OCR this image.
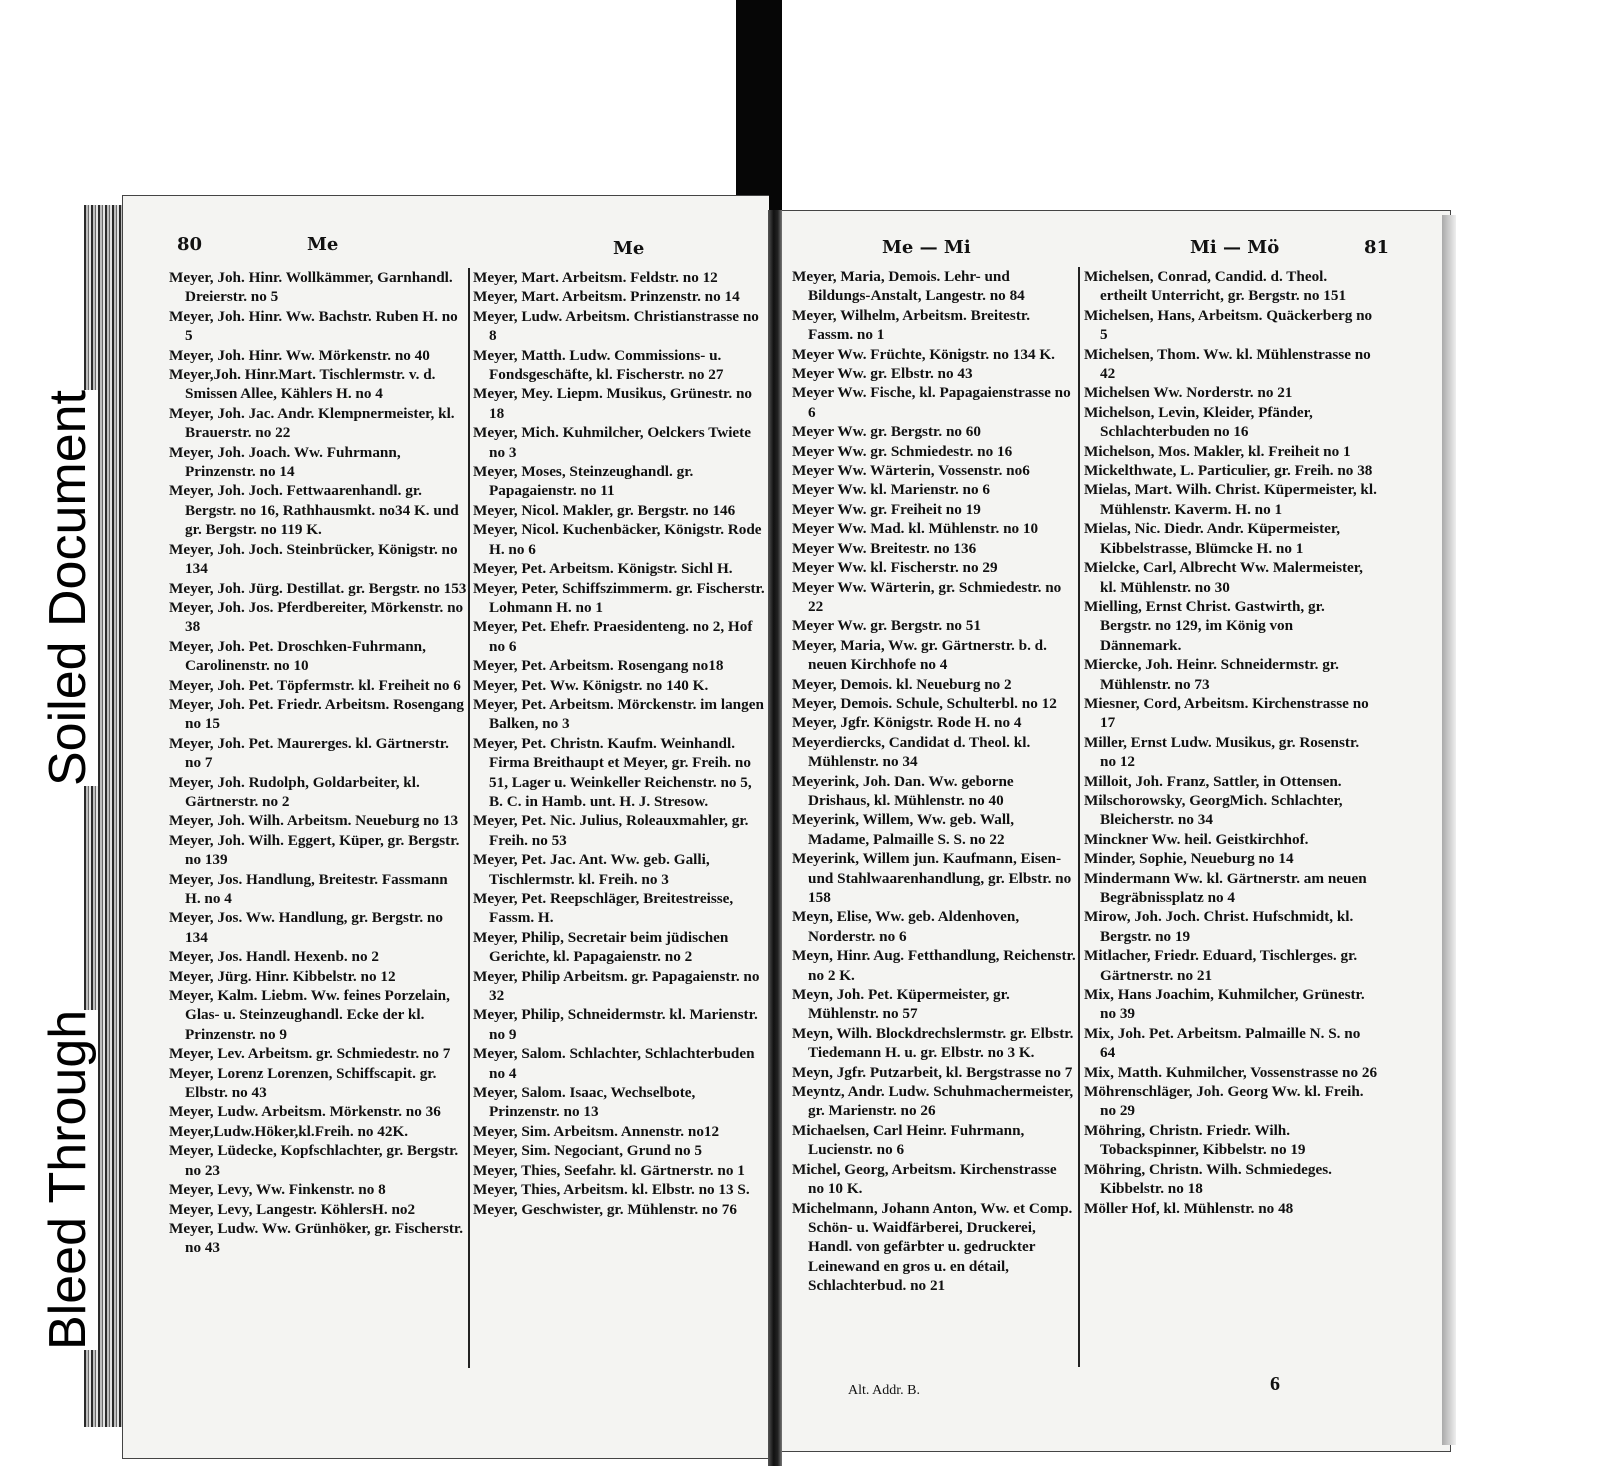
80	Me	Me

Meyer, Joh. Hinr. Wollkämmer, Garnhandl. Dreierstr. no 5

Meyer, Joh. Hinr. Ww. Bachstr. Ruben H. no 5

Meyer, Joh. Hinr. Ww. Mörkenstr. no 40

Meyer,Joh. Hinr.Mart. Tischlermstr. v. d. Smissen Allee, Kählers H. no 4

Meyer, Joh. Jac. Andr. Klempnermeister, kl. Brauerstr. no 22

Meyer, Joh. Joach. Ww. Fuhrmann, Prinzenstr. no 14

Meyer, Joh. Joch. Fettwaarenhandl. gr. Bergstr. no 16, Rathhausmkt. no34 K. und gr. Bergstr. no 119 K.

Meyer, Joh. Joch. Steinbrücker, Königstr. no 134

Meyer, Joh. Jürg. Destillat. gr. Bergstr. no 153

Meyer, Joh. Jos. Pferdbereiter, Mörkenstr. no 38

Meyer, Joh. Pet. Droschken-Fuhrmann, Carolinenstr. no 10

Meyer, Joh. Pet. Töpfermstr. kl. Freiheit no 6

Meyer, Joh. Pet. Friedr. Arbeitsm. Rosengang no 15

Meyer, Joh. Pet. Maurerges. kl. Gärtnerstr. no 7

Meyer, Joh. Rudolph, Goldarbeiter, kl. Gärtnerstr. no 2

Meyer, Joh. Wilh. Arbeitsm. Neueburg no 13

Meyer, Joh. Wilh. Eggert, Küper, gr. Bergstr. no 139

Meyer, Jos. Handlung, Breitestr. Fassmann H. no 4

Meyer, Jos. Ww. Handlung, gr. Bergstr. no 134

Meyer, Jos. Handl. Hexenb. no 2

Meyer, Jürg. Hinr. Kibbelstr. no 12

Meyer, Kalm. Liebm. Ww. feines Porzelain, Glas- u. Steinzeughandl. Ecke der kl. Prinzenstr. no 9

Meyer, Lev. Arbeitsm. gr. Schmiedestr. no 7

Meyer, Lorenz Lorenzen, Schiffscapit. gr. Elbstr. no 43

Meyer, Ludw. Arbeitsm. Mörkenstr. no 36

Meyer,Ludw.Höker,kl.Freih. no 42K.

Meyer, Lüdecke, Kopfschlachter, gr. Bergstr. no 23

Meyer, Levy, Ww. Finkenstr. no 8

Meyer, Levy, Langestr. KöhlersH. no2

Meyer, Ludw. Ww. Grünhöker, gr. Fischerstr. no 43

Meyer, Mart. Arbeitsm. Feldstr. no 12

Meyer, Mart. Arbeitsm. Prinzenstr. no 14

Meyer, Ludw. Arbeitsm. Christianstrasse no 8

Meyer, Matth. Ludw. Commissions- u. Fondsgeschäfte, kl. Fischerstr. no 27

Meyer, Mey. Liepm. Musikus, Grünestr. no 18

Meyer, Mich. Kuhmilcher, Oelckers Twiete no 3

Meyer, Moses, Steinzeughandl. gr. Papagaienstr. no 11

Meyer, Nicol. Makler, gr. Bergstr. no 146

Meyer, Nicol. Kuchenbäcker, Königstr. Rode H. no 6

Meyer, Pet. Arbeitsm. Königstr. Sichl H.

Meyer, Peter, Schiffszimmerm. gr. Fischerstr. Lohmann H. no 1

Meyer, Pet. Ehefr. Praesidenteng. no 2, Hof no 6

Meyer, Pet. Arbeitsm. Rosengang no18

Meyer, Pet. Ww. Königstr. no 140 K.

Meyer, Pet. Arbeitsm. Mörckenstr. im langen Balken, no 3

Meyer, Pet. Christn. Kaufm. Weinhandl. Firma Breithaupt et Meyer, gr. Freih. no 51, Lager u. Weinkeller Reichenstr. no 5, B. C. in Hamb. unt. H. J. Stresow.

Meyer, Pet. Nic. Julius, Roleauxmahler, gr. Freih. no 53

Meyer, Pet. Jac. Ant. Ww. geb. Galli, Tischlermstr. kl. Freih. no 3

Meyer, Pet. Reepschläger, Breitestreisse, Fassm. H.

Meyer, Philip, Secretair beim jüdischen Gerichte, kl. Papagaienstr. no 2

Meyer, Philip Arbeitsm. gr. Papagaienstr. no 32

Meyer, Philip, Schneidermstr. kl. Marienstr. no 9

Meyer, Salom. Schlachter, Schlachterbuden no 4

Meyer, Salom. Isaac, Wechselbote, Prinzenstr. no 13

Meyer, Sim. Arbeitsm. Annenstr. no12

Meyer, Sim. Negociant, Grund no 5

Meyer, Thies, Seefahr. kl. Gärtnerstr. no 1

Meyer, Thies, Arbeitsm. kl. Elbstr. no 13 S.

Meyer, Geschwister, gr. Mühlenstr. no 76

Me — Mi	Mi — Mö	81

Meyer, Maria, Demois. Lehr- und Bildungs-Anstalt, Langestr. no 84

Meyer, Wilhelm, Arbeitsm. Breitestr. Fassm. no 1

Meyer Ww. Früchte, Königstr. no 134 K.

Meyer Ww. gr. Elbstr. no 43

Meyer Ww. Fische, kl. Papagaienstrasse no 6

Meyer Ww. gr. Bergstr. no 60

Meyer Ww. gr. Schmiedestr. no 16

Meyer Ww. Wärterin, Vossenstr. no6

Meyer Ww. kl. Marienstr. no 6

Meyer Ww. gr. Freiheit no 19

Meyer Ww. Mad. kl. Mühlenstr. no 10

Meyer Ww. Breitestr. no 136

Meyer Ww. kl. Fischerstr. no 29

Meyer Ww. Wärterin, gr. Schmiedestr. no 22

Meyer Ww. gr. Bergstr. no 51

Meyer, Maria, Ww. gr. Gärtnerstr. b. d. neuen Kirchhofe no 4

Meyer, Demois. kl. Neueburg no 2

Meyer, Demois. Schule, Schulterbl. no 12

Meyer, Jgfr. Königstr. Rode H. no 4

Meyerdiercks, Candidat d. Theol. kl. Mühlenstr. no 34

Meyerink, Joh. Dan. Ww. geborne Drishaus, kl. Mühlenstr. no 40

Meyerink, Willem, Ww. geb. Wall, Madame, Palmaille S. S. no 22

Meyerink, Willem jun. Kaufmann, Eisen- und Stahlwaarenhandlung, gr. Elbstr. no 158

Meyn, Elise, Ww. geb. Aldenhoven, Norderstr. no 6

Meyn, Hinr. Aug. Fetthandlung, Reichenstr. no 2 K.

Meyn, Joh. Pet. Küpermeister, gr. Mühlenstr. no 57

Meyn, Wilh. Blockdrechslermstr. gr. Elbstr. Tiedemann H. u. gr. Elbstr. no 3 K.

Meyn, Jgfr. Putzarbeit, kl. Bergstrasse no 7

Meyntz, Andr. Ludw. Schuhmachermeister, gr. Marienstr. no 26

Michaelsen, Carl Heinr. Fuhrmann, Lucienstr. no 6

Michel, Georg, Arbeitsm. Kirchenstrasse no 10 K.

Michelmann, Johann Anton, Ww. et Comp. Schön- u. Waidfärberei, Druckerei, Handl. von gefärbter u. gedruckter Leinewand en gros u. en détail, Schlachterbud. no 21

Michelsen, Conrad, Candid. d. Theol. ertheilt Unterricht, gr. Bergstr. no 151

Michelsen, Hans, Arbeitsm. Quäckerberg no 5

Michelsen, Thom. Ww. kl. Mühlenstrasse no 42

Michelsen Ww. Norderstr. no 21

Michelson, Levin, Kleider, Pfänder, Schlachterbuden no 16

Michelson, Mos. Makler, kl. Freiheit no 1

Mickelthwate, L. Particulier, gr. Freih. no 38

Mielas, Mart. Wilh. Christ. Küpermeister, kl. Mühlenstr. Kaverm. H. no 1

Mielas, Nic. Diedr. Andr. Küpermeister, Kibbelstrasse, Blümcke H. no 1

Mielcke, Carl, Albrecht Ww. Malermeister, kl. Mühlenstr. no 30

Mielling, Ernst Christ. Gastwirth, gr. Bergstr. no 129, im König von Dännemark.

Miercke, Joh. Heinr. Schneidermstr. gr. Mühlenstr. no 73

Miesner, Cord, Arbeitsm. Kirchenstrasse no 17

Miller, Ernst Ludw. Musikus, gr. Rosenstr. no 12

Milloit, Joh. Franz, Sattler, in Ottensen.

Milschorowsky, GeorgMich. Schlachter, Bleicherstr. no 34

Minckner Ww. heil. Geistkirchhof.

Minder, Sophie, Neueburg no 14

Mindermann Ww. kl. Gärtnerstr. am neuen Begräbnissplatz no 4

Mirow, Joh. Joch. Christ. Hufschmidt, kl. Bergstr. no 19

Mitlacher, Friedr. Eduard, Tischlerges. gr. Gärtnerstr. no 21

Mix, Hans Joachim, Kuhmilcher, Grünestr. no 39

Mix, Joh. Pet. Arbeitsm. Palmaille N. S. no 64

Mix, Matth. Kuhmilcher, Vossenstrasse no 26

Möhrenschläger, Joh. Georg Ww. kl. Freih. no 29

Möhring, Christn. Friedr. Wilh. Tobackspinner, Kibbelstr. no 19

Möhring, Christn. Wilh. Schmiedeges. Kibbelstr. no 18

Möller Hof, kl. Mühlenstr. no 48

Alt. Addr. B.	6
Soiled Document
Bleed Through
